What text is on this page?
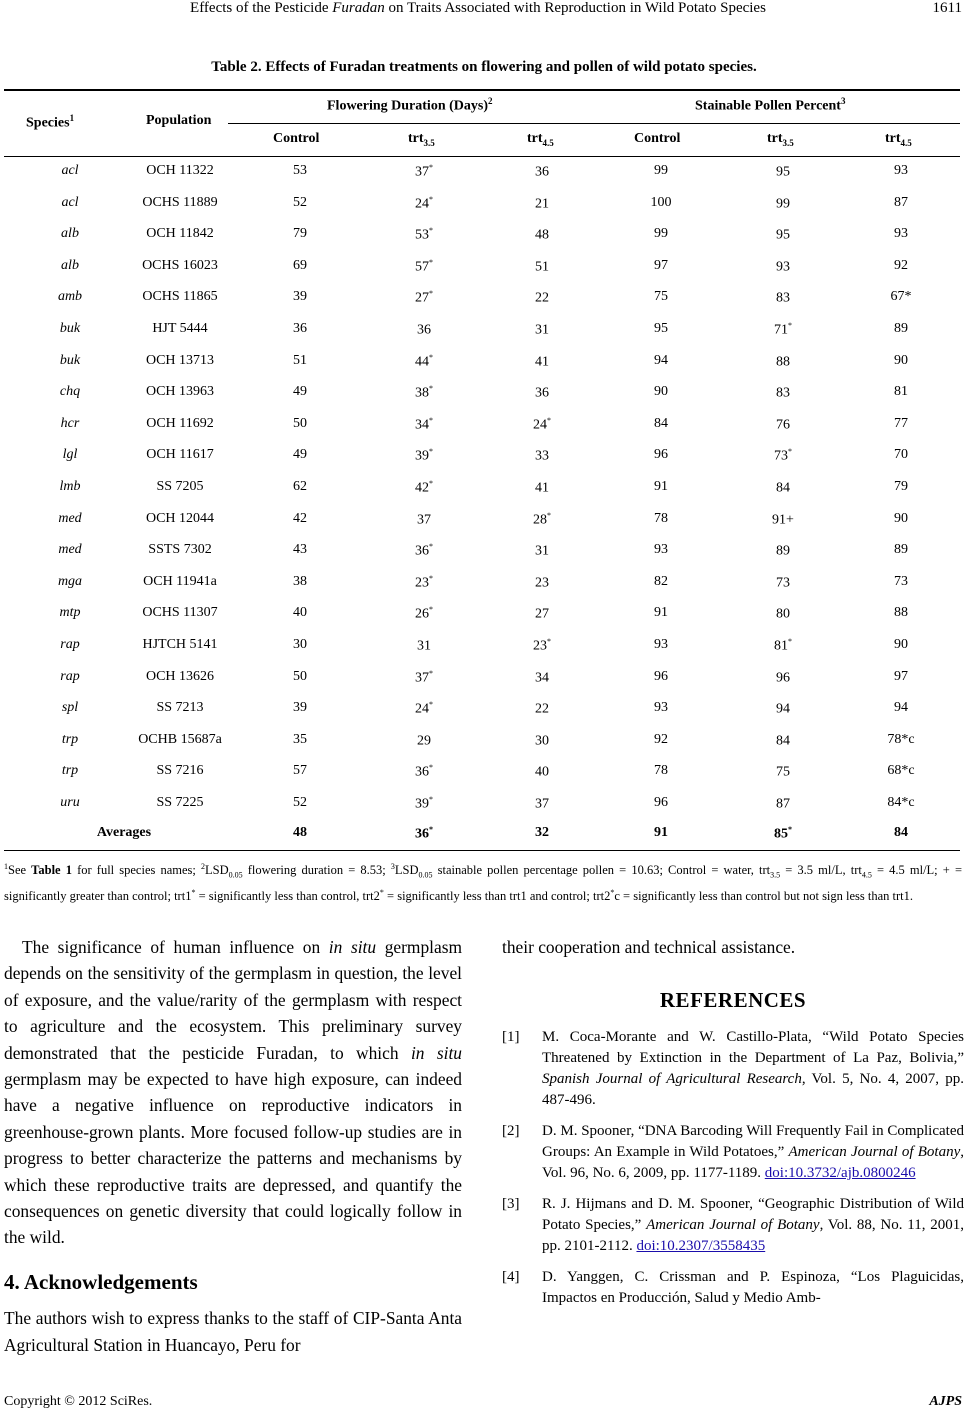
Effects of the Pesticide Furadan on Traits Associated with Reproduction in Wild Potato Species	1611
Table 2. Effects of Furadan treatments on flowering and pollen of wild potato species.
Species$^1$	Population
Flowering Duration (Days)$^2$	Stainable Pollen Percent$^3$
Control	trt$_{3.5}$	trt$_{4.5}$	Control	trt$_{3.5}$	trt$_{4.5}$
acl	OCH 11322	53	37*	36	99	95	93
acl	OCHS 11889	52	24*	21	100	99	87
alb	OCH 11842	79	53*	48	99	95	93
alb	OCHS 16023	69	57*	51	97	93	92
amb	OCHS 11865	39	27*	22	75	83	67*
buk	HJT 5444	36	36	31	95	71*	89
buk	OCH 13713	51	44*	41	94	88	90
chq	OCH 13963	49	38*	36	90	83	81
hcr	OCH 11692	50	34*	24*	84	76	77
lgl	OCH 11617	49	39*	33	96	73*	70
lmb	SS 7205	62	42*	41	91	84	79
med	OCH 12044	42	37	28*	78	91+	90
med	SSTS 7302	43	36*	31	93	89	89
mga	OCH 11941a	38	23*	23	82	73	73
mtp	OCHS 11307	40	26*	27	91	80	88
rap	HJTCH 5141	30	31	23*	93	81*	90
rap	OCH 13626	50	37*	34	96	96	97
spl	SS 7213	39	24*	22	93	94	94
trp	OCHB 15687a	35	29	30	92	84	78*c
trp	SS 7216	57	36*	40	78	75	68*c
uru	SS 7225	52	39*	37	96	87	84*c
Averages	48	36*	32	91	85*	84
$^1$See Table 1 for full species names; $^2LSD_{0.05}$ flowering duration = 8.53; $^3LSD_{0.05}$ stainable pollen percentage pollen = 10.63; Control = water, trt$_{3.5}$ = 3.5 ml/L, trt$_{4.5}$ = 4.5 ml/L; + = significantly greater than control; trt1* = significantly less than control, trt2* = significantly less than trt1 and control; trt2*c = significantly less than control but not sign less than trt1.

The significance of human influence on in situ germplasm depends on the sensitivity of the germplasm in question, the level of exposure, and the value/rarity of the germplasm with respect to agriculture and the ecosystem. This preliminary survey demonstrated that the pesticide Furadan, to which in situ germplasm may be expected to have high exposure, can indeed have a negative influence on reproductive indicators in greenhouse-grown plants. More focused follow-up studies are in progress to better characterize the patterns and mechanisms by which these reproductive traits are depressed, and quantify the consequences on genetic diversity that could logically follow in the wild.

4. Acknowledgements

The authors wish to express thanks to the staff of CIP-Santa Anta Agricultural Station in Huancayo, Peru for

their cooperation and technical assistance.
REFERENCES
[1] M. Coca-Morante and W. Castillo-Plata, “Wild Potato Species Threatened by Extinction in the Department of La Paz, Bolivia,” Spanish Journal of Agricultural Research, Vol. 5, No. 4, 2007, pp. 487-496.
[2] D. M. Spooner, “DNA Barcoding Will Frequently Fail in Complicated Groups: An Example in Wild Potatoes,” American Journal of Botany, Vol. 96, No. 6, 2009, pp. 1177-1189. doi:10.3732/ajb.0800246
[3] R. J. Hijmans and D. M. Spooner, “Geographic Distribution of Wild Potato Species,” American Journal of Botany, Vol. 88, No. 11, 2001, pp. 2101-2112. doi:10.2307/3558435
[4] D. Yanggen, C. Crissman and P. Espinoza, “Los Plaguicidas, Impactos en Producción, Salud y Medio Amb-
Copyright © 2012 SciRes.	AJPS
